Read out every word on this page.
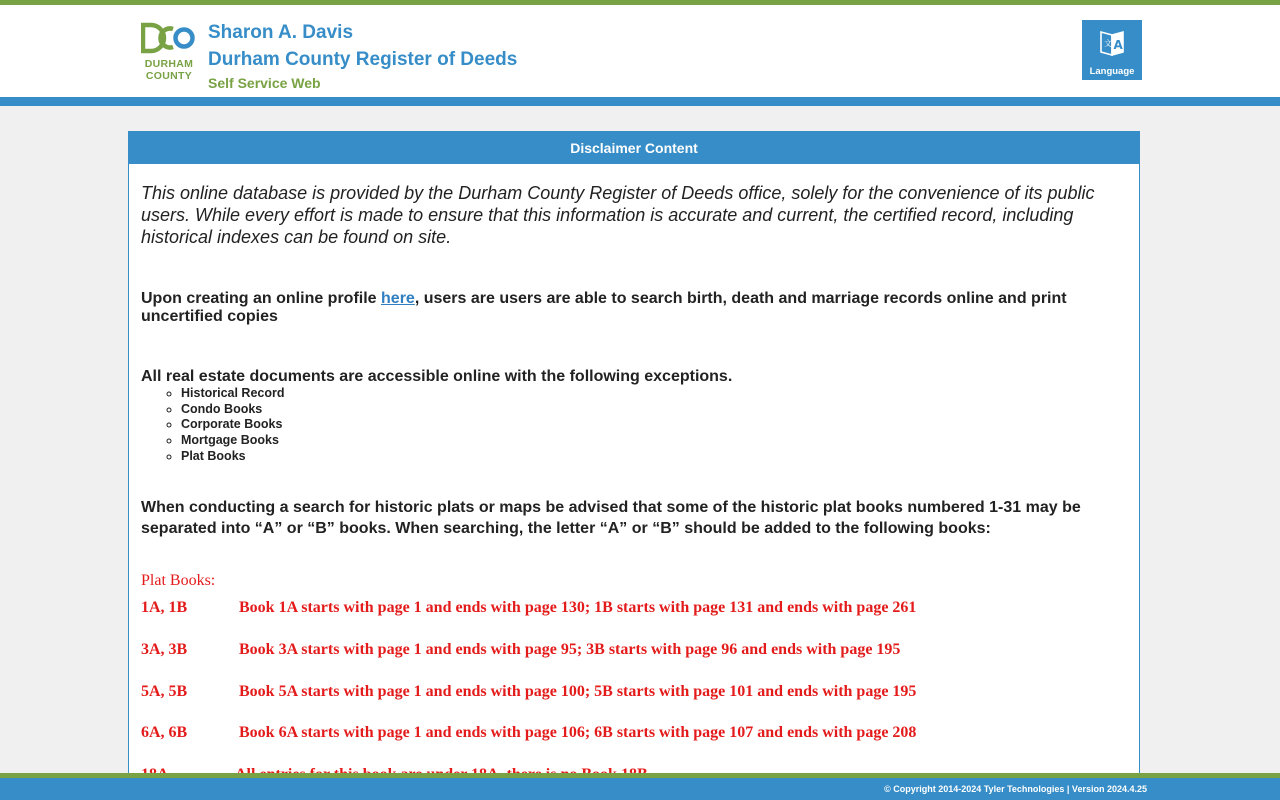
DURHAM
COUNTY
Sharon A. Davis
Durham County Register of Deeds
Self Service Web
文 A
Language
Disclaimer Content

This online database is provided by the Durham County Register of Deeds office, solely for the convenience of its public users. While every effort is made to ensure that this information is accurate and current, the certified record, including historical indexes can be found on site.

Upon creating an online profile here, users are users are able to search birth, death and marriage records online and print uncertified copies

All real estate documents are accessible online with the following exceptions.

◦ Historical Record
◦ Condo Books
◦ Corporate Books
◦ Mortgage Books
◦ Plat Books

When conducting a search for historic plats or maps be advised that some of the historic plat books numbered 1-31 may be separated into “A” or “B” books. When searching, the letter “A” or “B” should be added to the following books:

Plat Books:
1A, 1B	Book 1A starts with page 1 and ends with page 130; 1B starts with page 131 and ends with page 261
3A, 3B	Book 3A starts with page 1 and ends with page 95; 3B starts with page 96 and ends with page 195
5A, 5B	Book 5A starts with page 1 and ends with page 100; 5B starts with page 101 and ends with page 195
6A, 6B	Book 6A starts with page 1 and ends with page 106; 6B starts with page 107 and ends with page 208
© Copyright 2014-2024 Tyler Technologies | Version 2024.4.25
